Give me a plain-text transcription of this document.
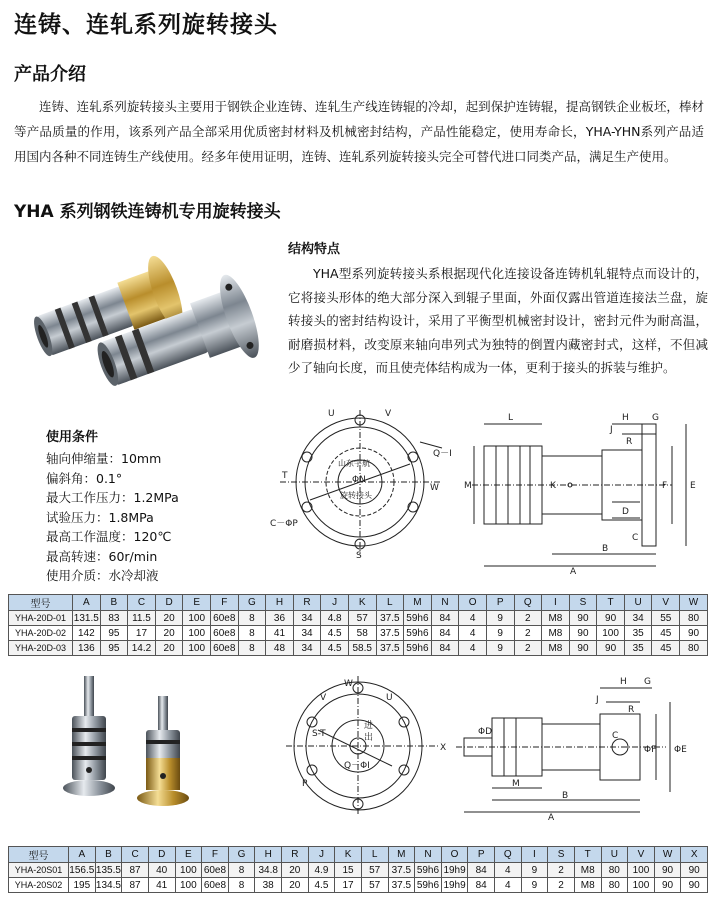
连铸、连轧系列旋转接头
产品介绍

连铸、连轧系列旋转接头主要用于钢铁企业连铸、连轧生产线连铸辊的冷却，起到保护连铸辊，提高钢铁企业板坯，棒材等产品质量的作用，该系列产品全部采用优质密封材料及机械密封结构，产品性能稳定，使用寿命长，YHA-YHN系列产品适用国内各种不同连铸生产线使用。经多年使用证明，连铸、连轧系列旋转接头完全可替代进口同类产品，满足生产使用。

YHA 系列钢铁连铸机专用旋转接头
结构特点

YHA型系列旋转接头系根据现代化连接设备连铸机轧辊特点而设计的，它将接头形体的绝大部分深入到辊子里面，外面仅露出管道连接法兰盘，旋转接头的密封结构设计，采用了平衡型机械密封设计，密封元件为耐高温，耐磨损材料，改变原来轴向串列式为独特的倒置内藏密封式，这样，不但减少了轴向长度，而且使壳体结构成为一体，更利于接头的拆装与维护。

使用条件
轴向伸缩量：10mm
偏斜角：0.1°
最大工作压力：1.2MPa
试验压力：1.8MPa
最高工作温度：120℃
最高转速：60r/min
使用介质：水冷却液
U	V
T
W
Q－I
山东宇航
ΦN
旋转接头
C－ΦP
S
L	H	G
J
R
M	K	F	E
D
C
B
A
型号	A	B	C	D	E	F	G	H	R	J	K	L	M	N	O	P	Q	I	S	T	U	V	W
YHA-20D-01	131.5	83	11.5	20	100	60e8	8	36	34	4.8	57	37.5	59h6	84	4	9	2	M8	90	90	34	55	80
YHA-20D-02	142	95	17	20	100	60e8	8	41	34	4.5	58	37.5	59h6	84	4	9	2	M8	90	100	35	45	90
YHA-20D-03	136	95	14.2	20	100	60e8	8	48	34	4.5	58.5	37.5	59h6	84	4	9	2	M8	90	90	35	45	80
W
V	U
X
S-T
Q－ΦI
P
进
出
H G
J
R
ΦF ΦE
ΦD	C
M
B
A
型号	A	B	C	D	E	F	G	H	R	J	K	L	M	N	O	P	Q	I	S	T	U	V	W	X
YHA-20S01	156.5	135.5	87	40	100	60e8	8	34.8	20	4.9	15	57	37.5	59h6	19h9	84	4	9	2	M8	80	100	90	90
YHA-20S02	195	134.5	87	41	100	60e8	8	38	20	4.5	17	57	37.5	59h6	19h9	84	4	9	2	M8	80	100	90	90
